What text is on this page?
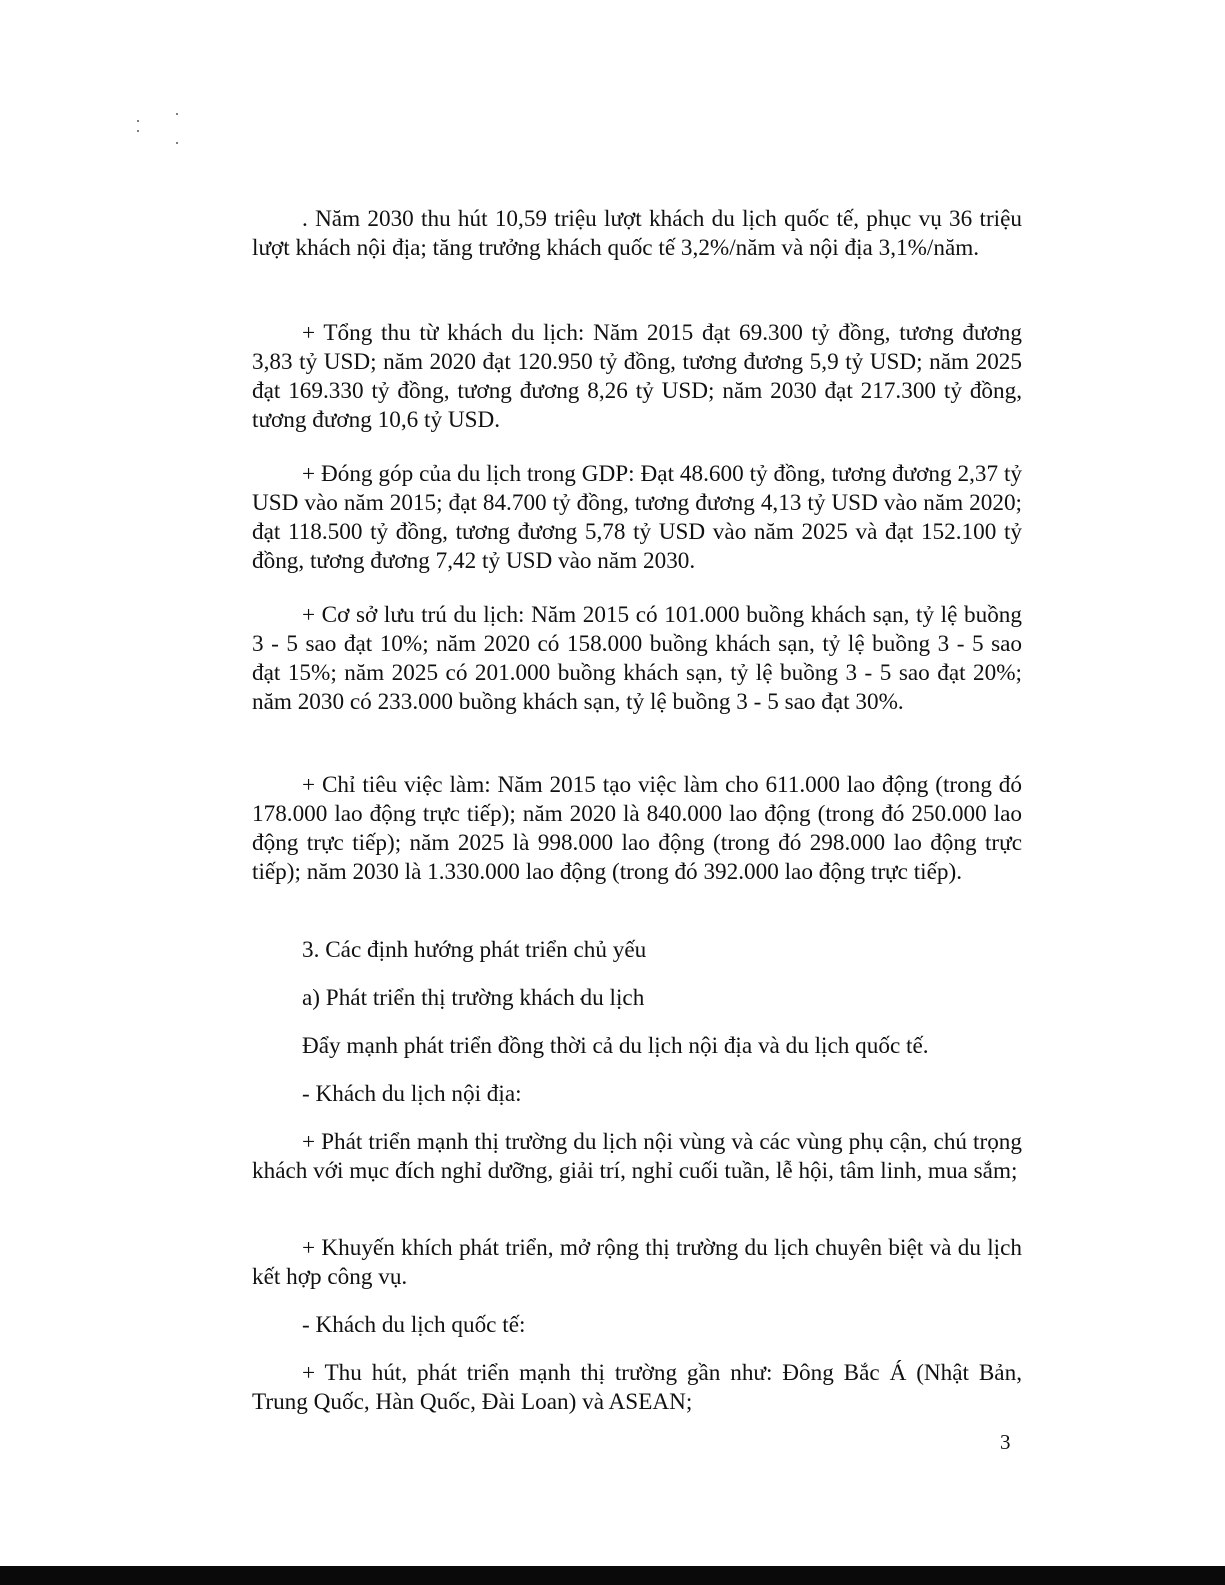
. Năm 2030 thu hút 10,59 triệu lượt khách du lịch quốc tế, phục vụ 36 triệu lượt khách nội địa; tăng trưởng khách quốc tế 3,2%/năm và nội địa 3,1%/năm.

+ Tổng thu từ khách du lịch: Năm 2015 đạt 69.300 tỷ đồng, tương đương 3,83 tỷ USD; năm 2020 đạt 120.950 tỷ đồng, tương đương 5,9 tỷ USD; năm 2025 đạt 169.330 tỷ đồng, tương đương 8,26 tỷ USD; năm 2030 đạt 217.300 tỷ đồng, tương đương 10,6 tỷ USD.

+ Đóng góp của du lịch trong GDP: Đạt 48.600 tỷ đồng, tương đương 2,37 tỷ USD vào năm 2015; đạt 84.700 tỷ đồng, tương đương 4,13 tỷ USD vào năm 2020; đạt 118.500 tỷ đồng, tương đương 5,78 tỷ USD vào năm 2025 và đạt 152.100 tỷ đồng, tương đương 7,42 tỷ USD vào năm 2030.

+ Cơ sở lưu trú du lịch: Năm 2015 có 101.000 buồng khách sạn, tỷ lệ buồng 3 - 5 sao đạt 10%; năm 2020 có 158.000 buồng khách sạn, tỷ lệ buồng 3 - 5 sao đạt 15%; năm 2025 có 201.000 buồng khách sạn, tỷ lệ buồng 3 - 5 sao đạt 20%; năm 2030 có 233.000 buồng khách sạn, tỷ lệ buồng 3 - 5 sao đạt 30%.

+ Chỉ tiêu việc làm: Năm 2015 tạo việc làm cho 611.000 lao động (trong đó 178.000 lao động trực tiếp); năm 2020 là 840.000 lao động (trong đó 250.000 lao động trực tiếp); năm 2025 là 998.000 lao động (trong đó 298.000 lao động trực tiếp); năm 2030 là 1.330.000 lao động (trong đó 392.000 lao động trực tiếp).

3. Các định hướng phát triển chủ yếu

a) Phát triển thị trường khách du lịch

Đẩy mạnh phát triển đồng thời cả du lịch nội địa và du lịch quốc tế.

- Khách du lịch nội địa:

+ Phát triển mạnh thị trường du lịch nội vùng và các vùng phụ cận, chú trọng khách với mục đích nghỉ dưỡng, giải trí, nghỉ cuối tuần, lễ hội, tâm linh, mua sắm;

+ Khuyến khích phát triển, mở rộng thị trường du lịch chuyên biệt và du lịch kết hợp công vụ.

- Khách du lịch quốc tế:

+ Thu hút, phát triển mạnh thị trường gần như: Đông Bắc Á (Nhật Bản, Trung Quốc, Hàn Quốc, Đài Loan) và ASEAN;

3
